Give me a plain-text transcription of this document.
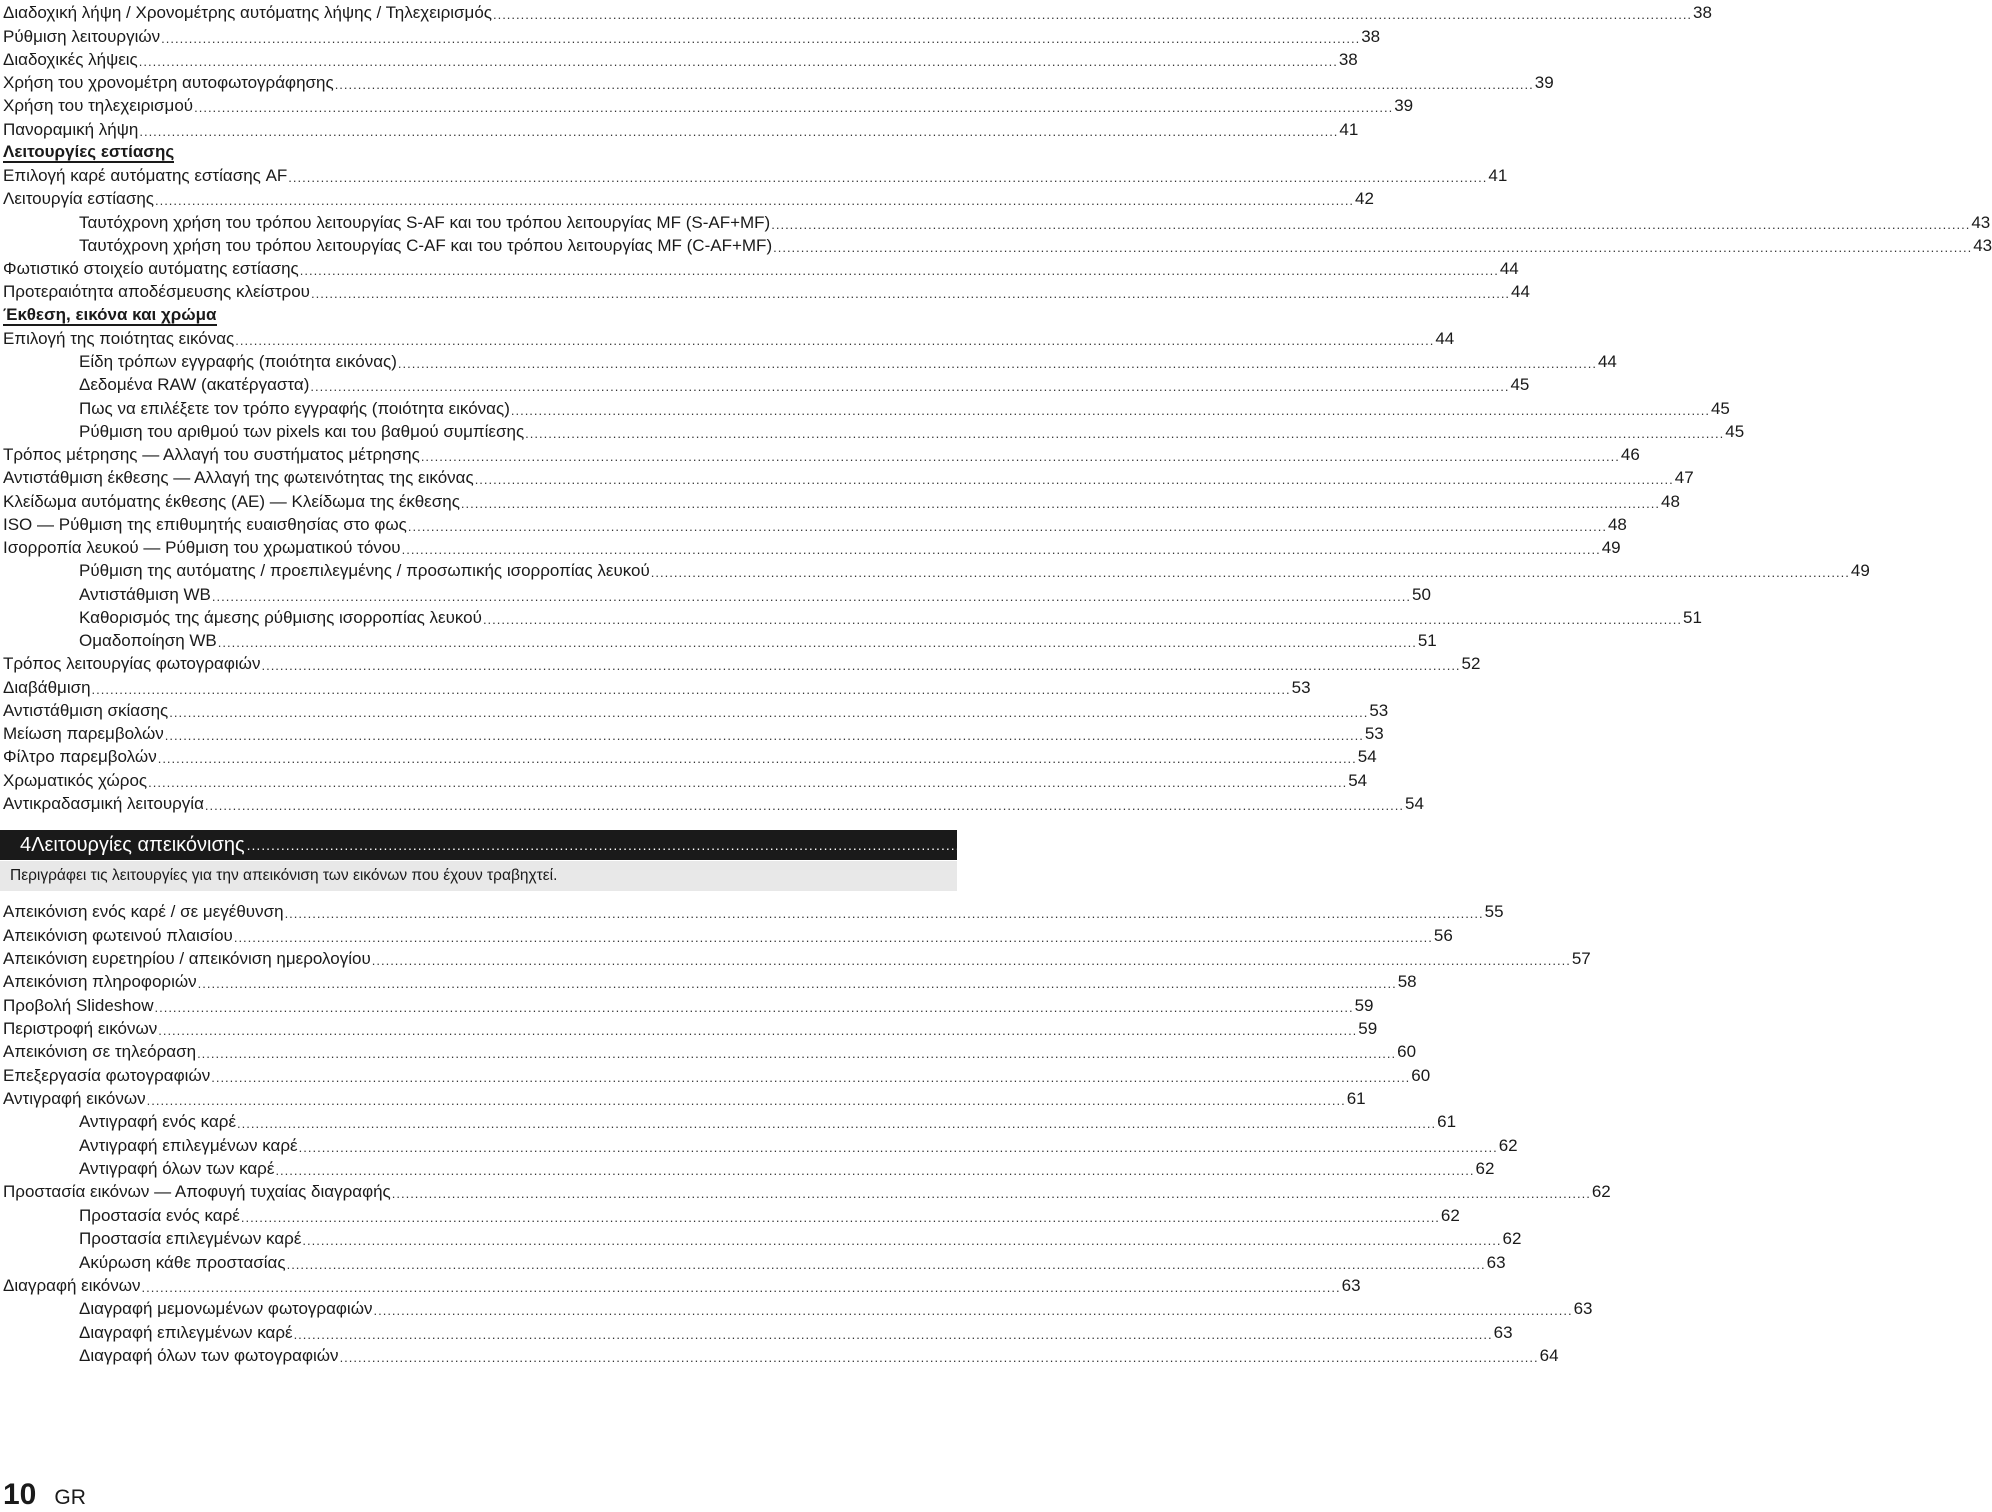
Διαδοχική λήψη / Χρονομέτρης αυτόματης λήψης / Τηλεχειρισμός .................................................................................................................................................................................................................................................................... 38
Ρύθμιση λειτουργιών .................................................................................................................................................................................................................................................................... 38
Διαδοχικές λήψεις .................................................................................................................................................................................................................................................................... 38
Χρήση του χρονομέτρη αυτοφωτογράφησης .................................................................................................................................................................................................................................................................... 39
Χρήση του τηλεχειρισμού .................................................................................................................................................................................................................................................................... 39
Πανοραμική λήψη .................................................................................................................................................................................................................................................................... 41
Λειτουργίες εστίασης
Επιλογή καρέ αυτόματης εστίασης AF .................................................................................................................................................................................................................................................................... 41
Λειτουργία εστίασης .................................................................................................................................................................................................................................................................... 42
Ταυτόχρονη χρήση του τρόπου λειτουργίας S-AF και του τρόπου λειτουργίας MF (S-AF+MF) .................................................................................................................................................................................................................................................................... 43
Ταυτόχρονη χρήση του τρόπου λειτουργίας C-AF και του τρόπου λειτουργίας MF (C-AF+MF) .................................................................................................................................................................................................................................................................... 43
Φωτιστικό στοιχείο αυτόματης εστίασης .................................................................................................................................................................................................................................................................... 44
Προτεραιότητα αποδέσμευσης κλείστρου .................................................................................................................................................................................................................................................................... 44
Έκθεση, εικόνα και χρώμα
Επιλογή της ποιότητας εικόνας .................................................................................................................................................................................................................................................................... 44
Είδη τρόπων εγγραφής (ποιότητα εικόνας) .................................................................................................................................................................................................................................................................... 44
Δεδομένα RAW (ακατέργαστα) .................................................................................................................................................................................................................................................................... 45
Πως να επιλέξετε τον τρόπο εγγραφής (ποιότητα εικόνας) .................................................................................................................................................................................................................................................................... 45
Ρύθμιση του αριθμού των pixels και του βαθμού συμπίεσης .................................................................................................................................................................................................................................................................... 45
Τρόπος μέτρησης — Αλλαγή του συστήματος μέτρησης .................................................................................................................................................................................................................................................................... 46
Αντιστάθμιση έκθεσης — Αλλαγή της φωτεινότητας της εικόνας .................................................................................................................................................................................................................................................................... 47
Κλείδωμα αυτόματης έκθεσης (AE) — Κλείδωμα της έκθεσης .................................................................................................................................................................................................................................................................... 48
ISO — Ρύθμιση της επιθυμητής ευαισθησίας στο φως .................................................................................................................................................................................................................................................................... 48
Ισορροπία λευκού — Ρύθμιση του χρωματικού τόνου .................................................................................................................................................................................................................................................................... 49
Ρύθμιση της αυτόματης / προεπιλεγμένης / προσωπικής ισορροπίας λευκού .................................................................................................................................................................................................................................................................... 49
Αντιστάθμιση WB .................................................................................................................................................................................................................................................................... 50
Καθορισμός της άμεσης ρύθμισης ισορροπίας λευκού .................................................................................................................................................................................................................................................................... 51
Ομαδοποίηση WB .................................................................................................................................................................................................................................................................... 51
Τρόπος λειτουργίας φωτογραφιών .................................................................................................................................................................................................................................................................... 52
Διαβάθμιση .................................................................................................................................................................................................................................................................... 53
Αντιστάθμιση σκίασης .................................................................................................................................................................................................................................................................... 53
Μείωση παρεμβολών .................................................................................................................................................................................................................................................................... 53
Φίλτρο παρεμβολών .................................................................................................................................................................................................................................................................... 54
Χρωματικός χώρος .................................................................................................................................................................................................................................................................... 54
Αντικραδασμική λειτουργία .................................................................................................................................................................................................................................................................... 54
4 Λειτουργίες απεικόνισης ........................................................................................................................................................ 55
Περιγράφει τις λειτουργίες για την απεικόνιση των εικόνων που έχουν τραβηχτεί.
Απεικόνιση ενός καρέ / σε μεγέθυνση .................................................................................................................................................................................................................................................................... 55
Απεικόνιση φωτεινού πλαισίου .................................................................................................................................................................................................................................................................... 56
Απεικόνιση ευρετηρίου / απεικόνιση ημερολογίου .................................................................................................................................................................................................................................................................... 57
Απεικόνιση πληροφοριών .................................................................................................................................................................................................................................................................... 58
Προβολή Slideshow .................................................................................................................................................................................................................................................................... 59
Περιστροφή εικόνων .................................................................................................................................................................................................................................................................... 59
Απεικόνιση σε τηλεόραση .................................................................................................................................................................................................................................................................... 60
Επεξεργασία φωτογραφιών .................................................................................................................................................................................................................................................................... 60
Αντιγραφή εικόνων .................................................................................................................................................................................................................................................................... 61
Αντιγραφή ενός καρέ .................................................................................................................................................................................................................................................................... 61
Αντιγραφή επιλεγμένων καρέ .................................................................................................................................................................................................................................................................... 62
Αντιγραφή όλων των καρέ .................................................................................................................................................................................................................................................................... 62
Προστασία εικόνων — Αποφυγή τυχαίας διαγραφής .................................................................................................................................................................................................................................................................... 62
Προστασία ενός καρέ .................................................................................................................................................................................................................................................................... 62
Προστασία επιλεγμένων καρέ .................................................................................................................................................................................................................................................................... 62
Ακύρωση κάθε προστασίας .................................................................................................................................................................................................................................................................... 63
Διαγραφή εικόνων .................................................................................................................................................................................................................................................................... 63
Διαγραφή μεμονωμένων φωτογραφιών .................................................................................................................................................................................................................................................................... 63
Διαγραφή επιλεγμένων καρέ .................................................................................................................................................................................................................................................................... 63
Διαγραφή όλων των φωτογραφιών .................................................................................................................................................................................................................................................................... 64
10 GR
